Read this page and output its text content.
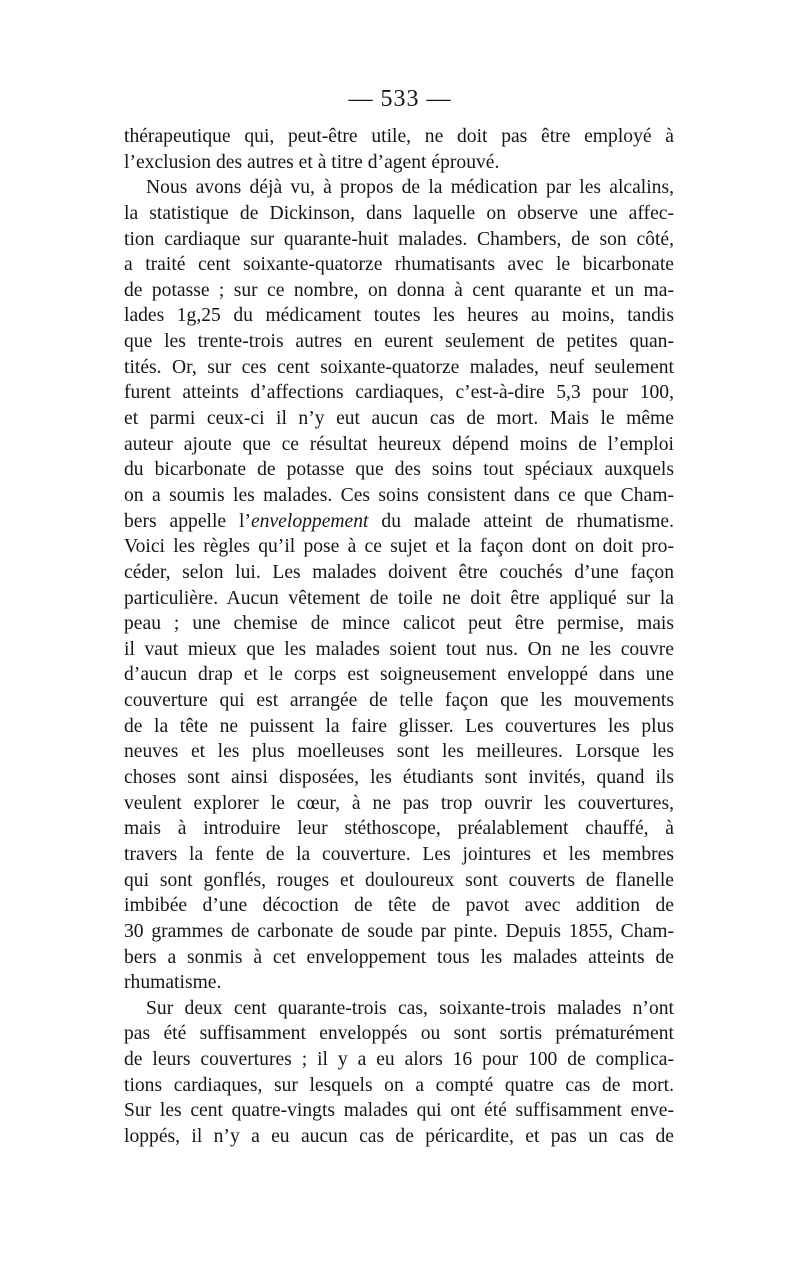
— 533 —
thérapeutique qui, peut-être utile, ne doit pas être employé à
l’exclusion des autres et à titre d’agent éprouvé.
Nous avons déjà vu, à propos de la médication par les alcalins,
la statistique de Dickinson, dans laquelle on observe une affec-
tion cardiaque sur quarante-huit malades. Chambers, de son côté,
a traité cent soixante-quatorze rhumatisants avec le bicarbonate
de potasse ; sur ce nombre, on donna à cent quarante et un ma-
lades 1g,25 du médicament toutes les heures au moins, tandis
que les trente-trois autres en eurent seulement de petites quan-
tités. Or, sur ces cent soixante-quatorze malades, neuf seulement
furent atteints d’affections cardiaques, c’est-à-dire 5,3 pour 100,
et parmi ceux-ci il n’y eut aucun cas de mort. Mais le même
auteur ajoute que ce résultat heureux dépend moins de l’emploi
du bicarbonate de potasse que des soins tout spéciaux auxquels
on a soumis les malades. Ces soins consistent dans ce que Cham-
bers appelle l’enveloppement du malade atteint de rhumatisme.
Voici les règles qu’il pose à ce sujet et la façon dont on doit pro-
céder, selon lui. Les malades doivent être couchés d’une façon
particulière. Aucun vêtement de toile ne doit être appliqué sur la
peau ; une chemise de mince calicot peut être permise, mais
il vaut mieux que les malades soient tout nus. On ne les couvre
d’aucun drap et le corps est soigneusement enveloppé dans une
couverture qui est arrangée de telle façon que les mouvements
de la tête ne puissent la faire glisser. Les couvertures les plus
neuves et les plus moelleuses sont les meilleures. Lorsque les
choses sont ainsi disposées, les étudiants sont invités, quand ils
veulent explorer le cœur, à ne pas trop ouvrir les couvertures,
mais à introduire leur stéthoscope, préalablement chauffé, à
travers la fente de la couverture. Les jointures et les membres
qui sont gonflés, rouges et douloureux sont couverts de flanelle
imbibée d’une décoction de tête de pavot avec addition de
30 grammes de carbonate de soude par pinte. Depuis 1855, Cham-
bers a sonmis à cet enveloppement tous les malades atteints de
rhumatisme.
Sur deux cent quarante-trois cas, soixante-trois malades n’ont
pas été suffisamment enveloppés ou sont sortis prématurément
de leurs couvertures ; il y a eu alors 16 pour 100 de complica-
tions cardiaques, sur lesquels on a compté quatre cas de mort.
Sur les cent quatre-vingts malades qui ont été suffisamment enve-
loppés, il n’y a eu aucun cas de péricardite, et pas un cas de
